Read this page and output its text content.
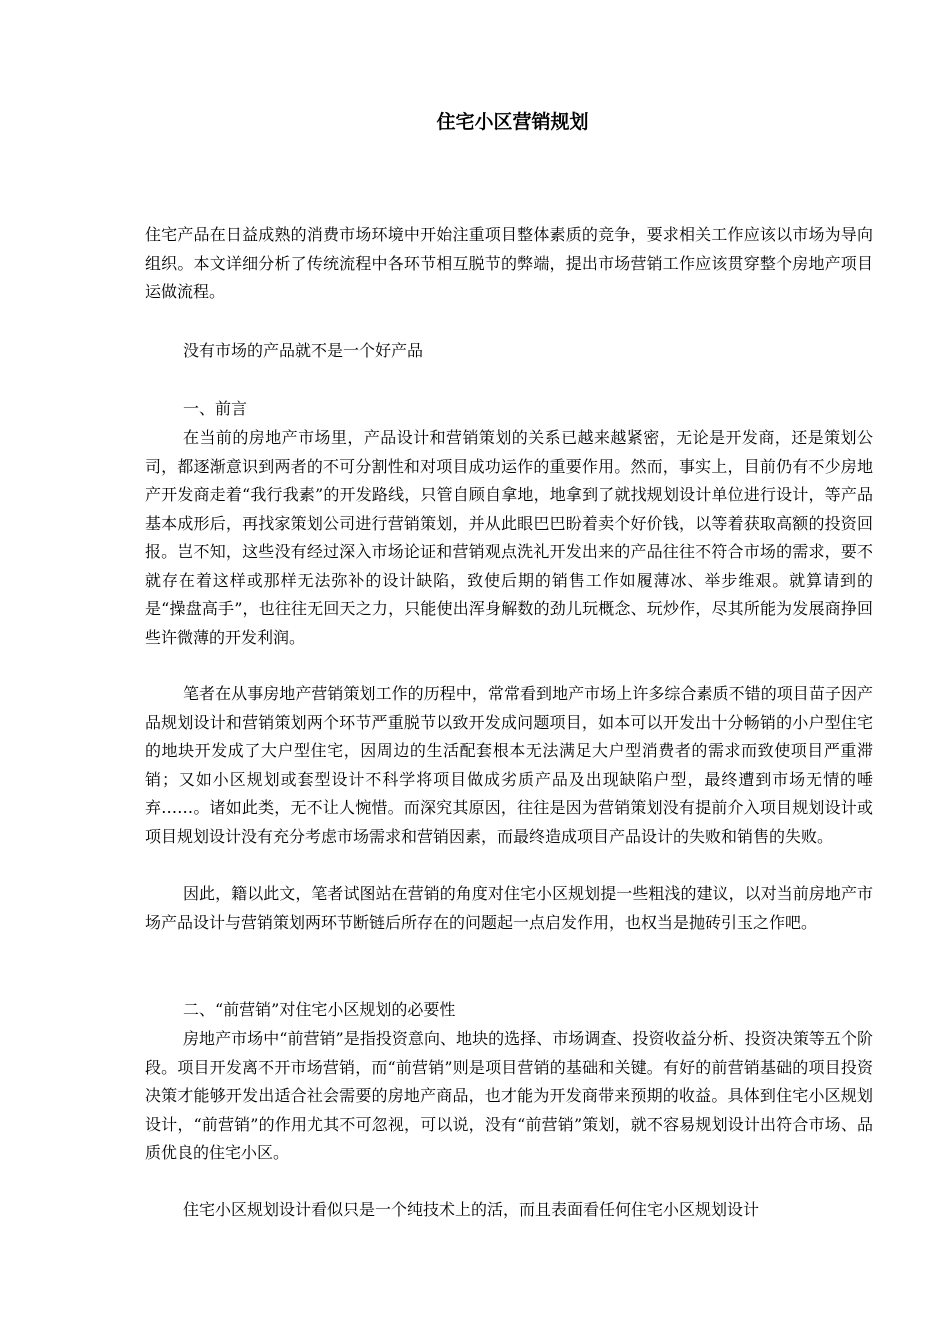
住宅小区营销规划

住宅产品在日益成熟的消费市场环境中开始注重项目整体素质的竞争，要求相关工作应该以市场为导向组织。本文详细分析了传统流程中各环节相互脱节的弊端，提出市场营销工作应该贯穿整个房地产项目运做流程。

没有市场的产品就不是一个好产品

一、前言

在当前的房地产市场里，产品设计和营销策划的关系已越来越紧密，无论是开发商，还是策划公司，都逐渐意识到两者的不可分割性和对项目成功运作的重要作用。然而，事实上，目前仍有不少房地产开发商走着“我行我素”的开发路线，只管自顾自拿地，地拿到了就找规划设计单位进行设计，等产品基本成形后，再找家策划公司进行营销策划，并从此眼巴巴盼着卖个好价钱，以等着获取高额的投资回报。岂不知，这些没有经过深入市场论证和营销观点洗礼开发出来的产品往往不符合市场的需求，要不就存在着这样或那样无法弥补的设计缺陷，致使后期的销售工作如履薄冰、举步维艰。就算请到的是“操盘高手”，也往往无回天之力，只能使出浑身解数的劲儿玩概念、玩炒作，尽其所能为发展商挣回些许微薄的开发利润。

笔者在从事房地产营销策划工作的历程中，常常看到地产市场上许多综合素质不错的项目苗子因产品规划设计和营销策划两个环节严重脱节以致开发成问题项目，如本可以开发出十分畅销的小户型住宅的地块开发成了大户型住宅，因周边的生活配套根本无法满足大户型消费者的需求而致使项目严重滞销；又如小区规划或套型设计不科学将项目做成劣质产品及出现缺陷户型，最终遭到市场无情的唾弃……。诸如此类，无不让人惋惜。而深究其原因，往往是因为营销策划没有提前介入项目规划设计或项目规划设计没有充分考虑市场需求和营销因素，而最终造成项目产品设计的失败和销售的失败。

因此，籍以此文，笔者试图站在营销的角度对住宅小区规划提一些粗浅的建议，以对当前房地产市场产品设计与营销策划两环节断链后所存在的问题起一点启发作用，也权当是抛砖引玉之作吧。

二、“前营销”对住宅小区规划的必要性

房地产市场中“前营销”是指投资意向、地块的选择、市场调查、投资收益分析、投资决策等五个阶段。项目开发离不开市场营销，而“前营销”则是项目营销的基础和关键。有好的前营销基础的项目投资决策才能够开发出适合社会需要的房地产商品，也才能为开发商带来预期的收益。具体到住宅小区规划设计，“前营销”的作用尤其不可忽视，可以说，没有“前营销”策划，就不容易规划设计出符合市场、品质优良的住宅小区。

住宅小区规划设计看似只是一个纯技术上的活，而且表面看任何住宅小区规划设计
